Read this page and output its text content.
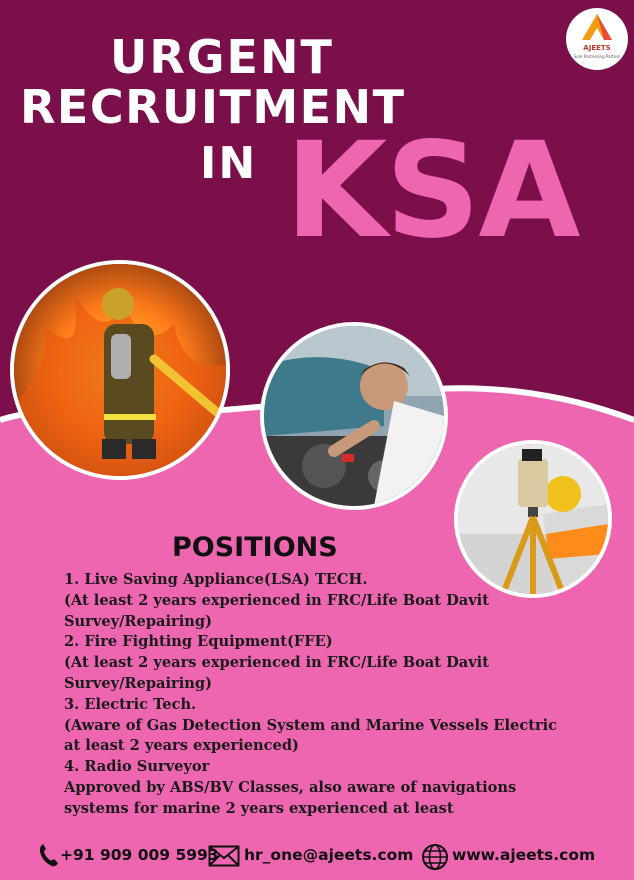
AJEETS
Sure Partnering Partner
URGENT
RECRUITMENT
IN KSA
POSITIONS
1. Live Saving Appliance(LSA) TECH.
(At least 2 years experienced in FRC/Life Boat Davit
Survey/Repairing)
2. Fire Fighting Equipment(FFE)
(At least 2 years experienced in FRC/Life Boat Davit
Survey/Repairing)
3. Electric Tech.
(Aware of Gas Detection System and Marine Vessels Electric
at least 2 years experienced)
4. Radio Surveyor
Approved by ABS/BV Classes, also aware of navigations
systems for marine 2 years experienced at least
+91 909 009 5993 hr_one@ajeets.com www.ajeets.com
